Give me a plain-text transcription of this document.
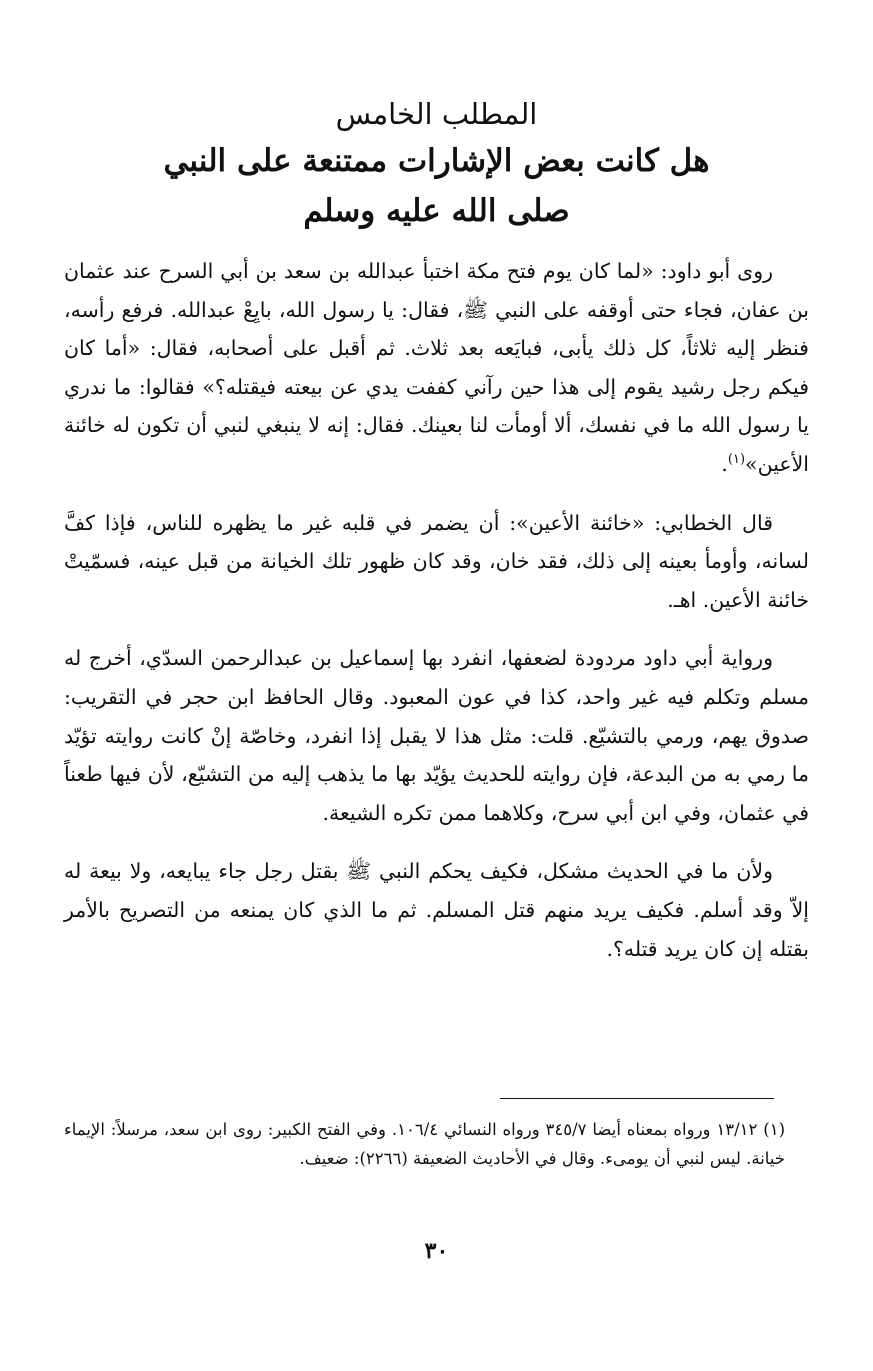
المطلب الخامس

هل كانت بعض الإشارات ممتنعة على النبي

صلى الله عليه وسلم

روى أبو داود: «لما كان يوم فتح مكة اختبأ عبدالله بن سعد بن أبي السرح عند عثمان بن عفان، فجاء حتى أوقفه على النبي ﷺ، فقال: يا رسول الله، بايِعْ عبدالله. فرفع رأسه، فنظر إليه ثلاثاً، كل ذلك يأبى، فبايَعه بعد ثلاث. ثم أقبل على أصحابه، فقال: «أما كان فيكم رجل رشيد يقوم إلى هذا حين رآني كففت يدي عن بيعته فيقتله؟» فقالوا: ما ندري يا رسول الله ما في نفسك، ألا أومأت لنا بعينك. فقال: إنه لا ينبغي لنبي أن تكون له خائنة الأعين»$^{(١)}$.

قال الخطابي: «خائنة الأعين»: أن يضمر في قلبه غير ما يظهره للناس، فإذا كفَّ لسانه، وأومأ بعينه إلى ذلك، فقد خان، وقد كان ظهور تلك الخيانة من قبل عينه، فسمّيتْ خائنة الأعين. اهـ.

ورواية أبي داود مردودة لضعفها، انفرد بها إسماعيل بن عبدالرحمن السدّي، أخرج له مسلم وتكلم فيه غير واحد، كذا في عون المعبود. وقال الحافظ ابن حجر في التقريب: صدوق يهم، ورمي بالتشيّع. قلت: مثل هذا لا يقبل إذا انفرد، وخاصّة إنْ كانت روايته تؤيّد ما رمي به من البدعة، فإن روايته للحديث يؤيّد بها ما يذهب إليه من التشيّع، لأن فيها طعناً في عثمان، وفي ابن أبي سرح، وكلاهما ممن تكره الشيعة.

ولأن ما في الحديث مشكل، فكيف يحكم النبي ﷺ بقتل رجل جاء يبايعه، ولا بيعة له إلاّ وقد أسلم. فكيف يريد منهم قتل المسلم. ثم ما الذي كان يمنعه من التصريح بالأمر بقتله إن كان يريد قتله؟.

(١) ١٣/١٢ ورواه بمعناه أيضا ٣٤٥/٧ ورواه النسائي ١٠٦/٤. وفي الفتح الكبير: روى ابن سعد، مرسلاً: الإيماء خيانة. ليس لنبي أن يومىء. وقال في الأحاديث الضعيفة (٢٢٦٦): ضعيف.

٣٠
